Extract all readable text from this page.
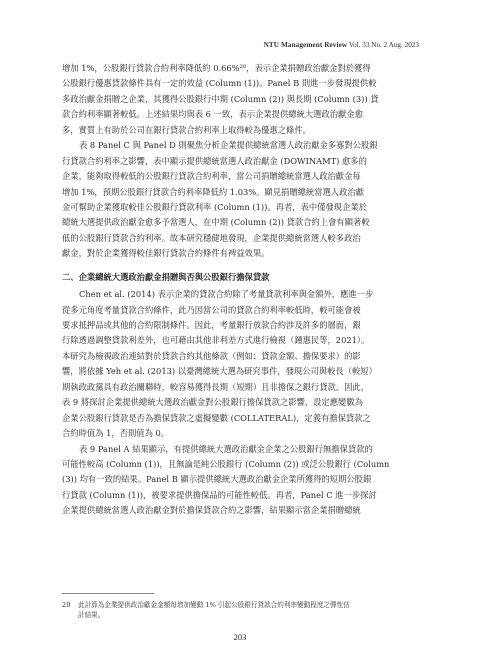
NTU Management Review Vol. 33 No. 2 Aug. 2023
增加 1%，公股銀行貸款合約利率降低約 0.66%²⁰，表示企業捐贈政治獻金對於獲得
公股銀行優惠貸款條件具有一定的效益 (Column (1))。Panel B 則進一步發現提供較
多政治獻金捐贈之企業，其獲得公股銀行中期 (Column (2)) 與長期 (Column (3)) 貸
款合約利率顯著較低。上述結果均與表 6 一致，表示企業提供總統大選政治獻金愈
多，實質上有助於公司在銀行貸款合約利率上取得較為優惠之條件。
表 8 Panel C 與 Panel D 則聚焦分析企業提供總統當選人政治獻金多寡對公股銀
行貸款合約利率之影響，表中顯示提供總統當選人政治獻金 (DOWINAMT) 愈多的
企業，能夠取得較低的公股銀行貸款合約利率，當公司捐贈總統當選人政治獻金每
增加 1%，預期公股銀行貸款合約利率降低約 1.03%。顯見捐贈總統當選人政治獻
金可幫助企業獲取較佳公股銀行貸款利率 (Column (1))。再者，表中僅發現企業於
總統大選提供政治獻金愈多予當選人，在中期 (Column (2)) 貸款合約上會有顯著較
低的公股銀行貸款合約利率。故本研究穩健地發現，企業提供總統當選人較多政治
獻金，對於企業獲得較佳銀行貸款合約條件有裨益效果。
二、企業總統大選政治獻金捐贈與否與公股銀行擔保貸款
Chen et al. (2014) 表示企業的貸款合約除了考量貸款利率與金額外，應進一步
從多元角度考量貸款合約條件，此乃因當公司的貸款合約利率較低時，較可能會被
要求抵押品或其他的合約限制條件。因此，考量銀行放款合約涉及許多的層面，銀
行除透過調整貸款利差外，也可藉由其他非利差方式進行檢視（鍾惠民等，2021）。
本研究為檢視政治連結對於貸款合約其他條款（例如：貸款金額、擔保要求）的影
響，將依據 Yeh et al. (2013) 以臺灣總統大選為研究事件，發現公司與較長（較短）
期執政政黨具有政治關聯時，較容易獲得長期（短期）且非擔保之銀行貸款。因此，
表 9 將探討企業提供總統大選政治獻金對公股銀行擔保貸款之影響，設定應變數為
企業公股銀行貸款是否為擔保貸款之虛擬變數 (COLLATERAL)，定義有擔保貸款之
合約時值為 1，否則值為 0。
表 9 Panel A 結果顯示，有提供總統大選政治獻金企業之公股銀行無擔保貸款的
可能性較高 (Column (1))，且無論是純公股銀行 (Column (2)) 或泛公股銀行 (Column
(3)) 均有一致的結果。Panel B 顯示提供總統大選政治獻金企業所獲得的短期公股銀
行貸款 (Column (1))，被要求提供擔保品的可能性較低。再者，Panel C 進一步探討
企業提供總統當選人政治獻金對於擔保貸款合約之影響，結果顯示當企業捐贈總統
20 此計算為企業提供政治獻金金額每增加變動 1% 引起公股銀行貸款合約利率變動程度之彈性估
計結果。
203
